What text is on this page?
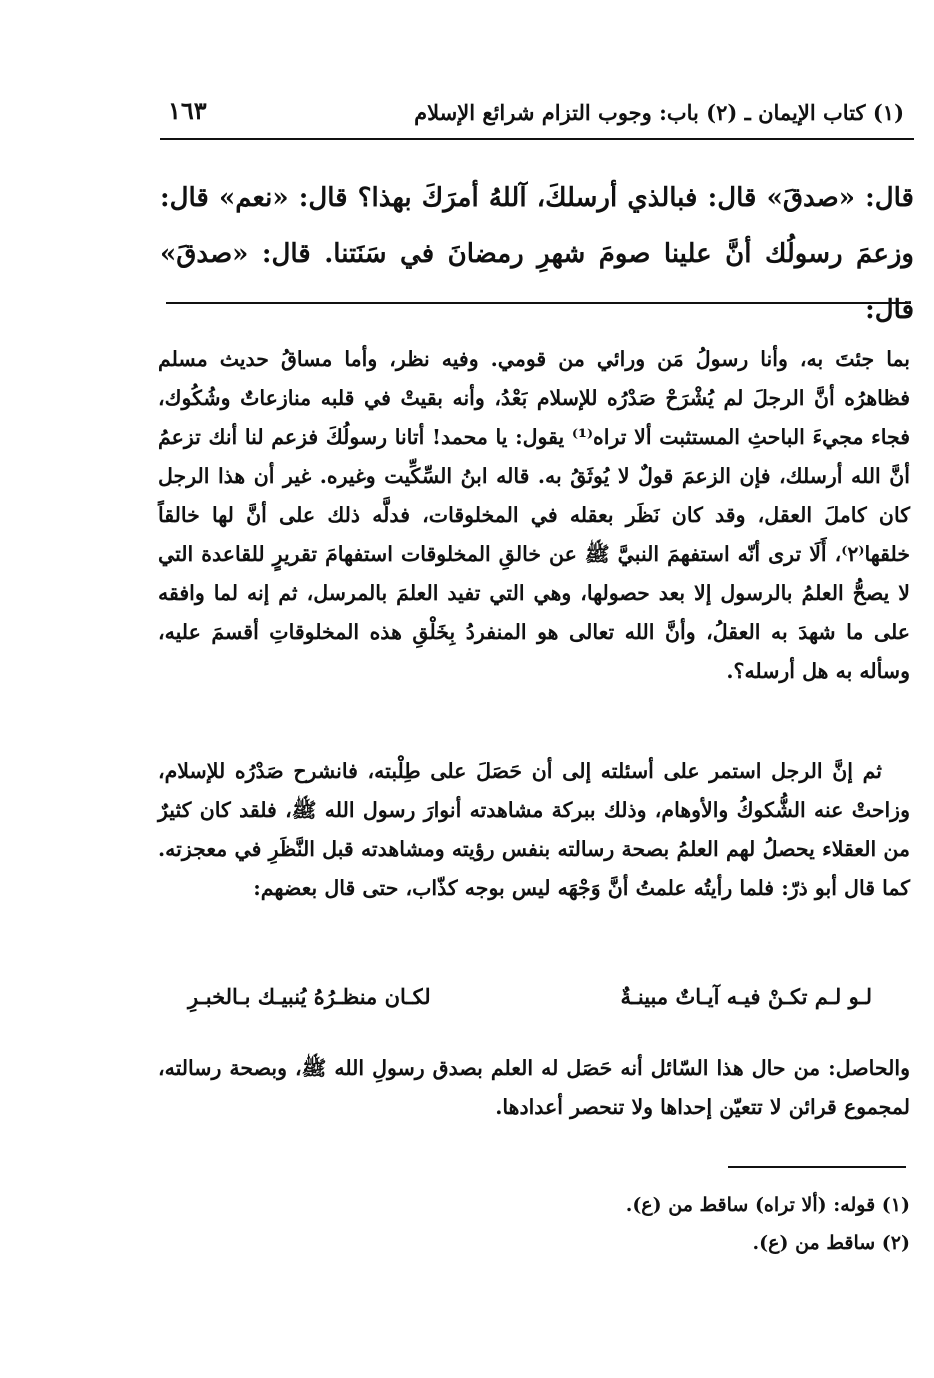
(١) كتاب الإيمان ـ (٢) باب: وجوب التزام شرائع الإسلام
١٦٣
قال: «صدقَ» قال: فبالذي أرسلكَ، آللهُ أمرَكَ بهذا؟ قال: «نعم» قال: وزعمَ رسولُك أنَّ علينا صومَ شهرِ رمضانَ في سَنَتنا. قال: «صدقَ» قال:
بما جئتَ به، وأنا رسولُ مَن ورائي من قومي. وفيه نظر، وأما مساقُ حديث مسلم فظاهرُه أنَّ الرجلَ لم يُشْرَحْ صَدْرُه للإسلام بَعْدُ، وأنه بقيتْ في قلبه منازعاتٌ وشُكُوك، فجاء مجيءَ الباحثِ المستثبت ألا تراه⁽¹⁾ يقول: يا محمد! أتانا رسولُكَ فزعم لنا أنك تزعمُ أنَّ الله أرسلك، فإن الزعمَ قولٌ لا يُوثَقُ به. قاله ابنُ السِّكِّيت وغيره. غير أن هذا الرجل كان كاملَ العقل، وقد كان نَظَر بعقله في المخلوقات، فدلَّه ذلك على أنَّ لها خالقاً خلقها⁽٢⁾، أَلَا ترى أنّه استفهمَ النبيَّ ﷺ عن خالقِ المخلوقات استفهامَ تقريرٍ للقاعدة التي لا يصحُّ العلمُ بالرسول إلا بعد حصولها، وهي التي تفيد العلمَ بالمرسل، ثم إنه لما وافقه على ما شهدَ به العقلُ، وأنَّ الله تعالى هو المنفردُ بِخَلْقِ هذه المخلوقاتِ أقسمَ عليه، وسأله به هل أرسله؟.
ثم إنَّ الرجل استمر على أسئلته إلى أن حَصَلَ على طِلْبته، فانشرح صَدْرُه للإسلام، وزاحتْ عنه الشُّكوكُ والأوهام، وذلك ببركة مشاهدته أنوارَ رسول الله ﷺ، فلقد كان كثيرٌ من العقلاء يحصلُ لهم العلمُ بصحة رسالته بنفس رؤيته ومشاهدته قبل النَّظَرِ في معجزته. كما قال أبو ذرّ: فلما رأيتُه علمتُ أنَّ وَجْهَه ليس بوجه كذّاب، حتى قال بعضهم:
لـو لـم تكـنْ فيـه آيـاتٌ مبينـةٌ
لكـان منظـرُهُ يُنبيـك بـالخبـرِ
والحاصل: من حال هذا السّائل أنه حَصَل له العلم بصدق رسولِ الله ﷺ، وبصحة رسالته، لمجموع قرائن لا تتعيّن إحداها ولا تنحصر أعدادها.
(١) قوله: (ألا تراه) ساقط من (ع).
(٢) ساقط من (ع).
